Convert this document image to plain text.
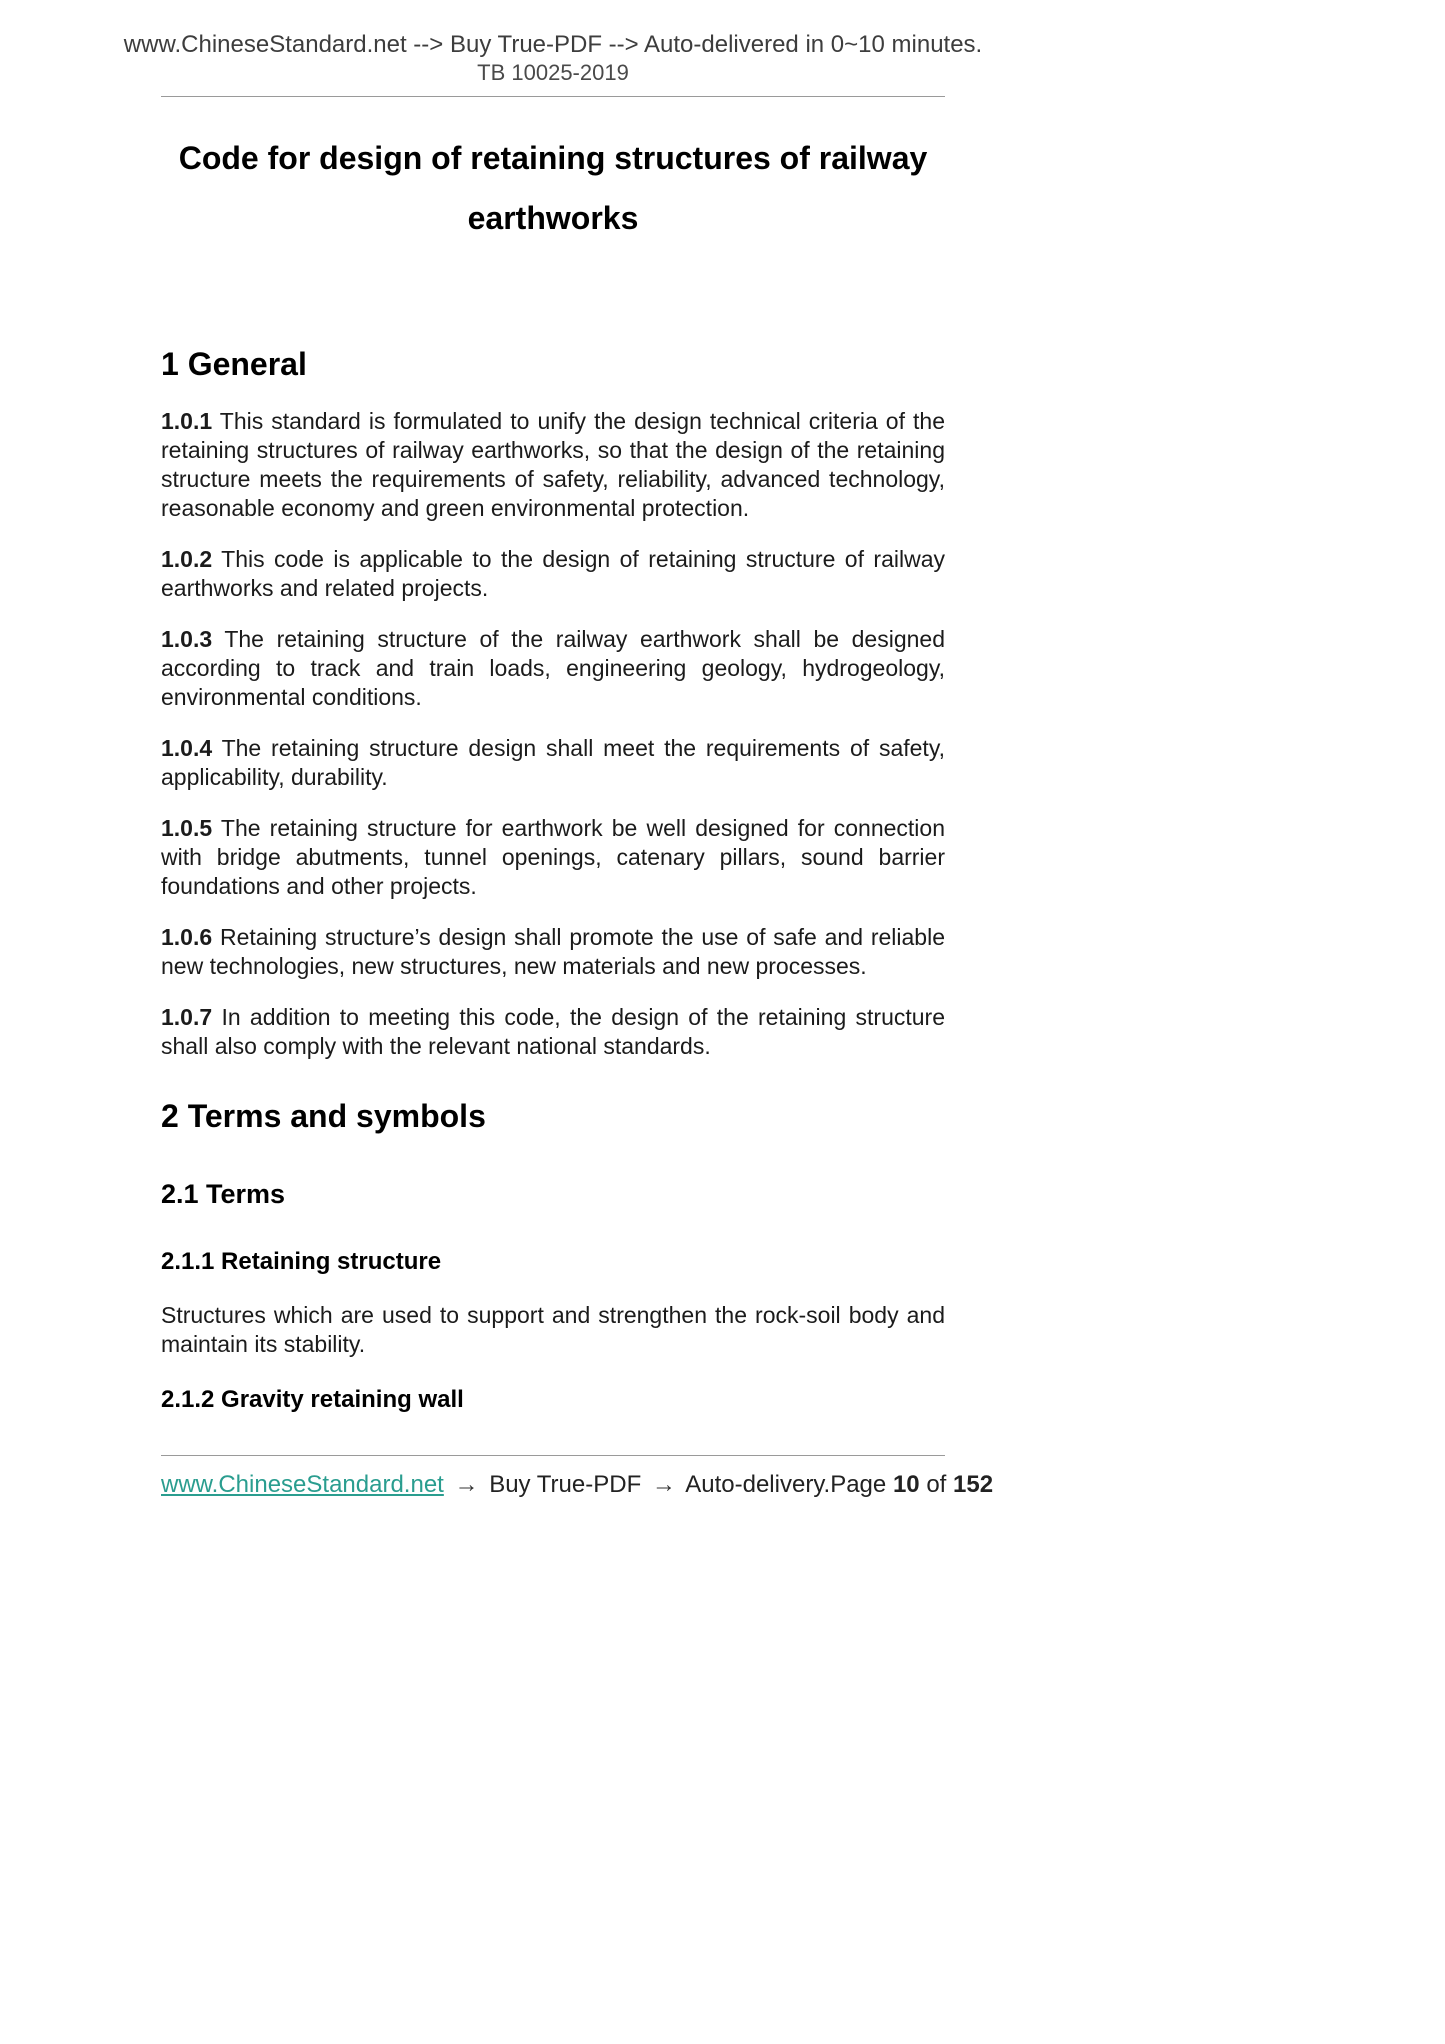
www.ChineseStandard.net --> Buy True-PDF --> Auto-delivered in 0~10 minutes.
TB 10025-2019
Code for design of retaining structures of railway
earthworks
1 General

1.0.1 This standard is formulated to unify the design technical criteria of the retaining structures of railway earthworks, so that the design of the retaining structure meets the requirements of safety, reliability, advanced technology, reasonable economy and green environmental protection.

1.0.2 This code is applicable to the design of retaining structure of railway earthworks and related projects.

1.0.3 The retaining structure of the railway earthwork shall be designed according to track and train loads, engineering geology, hydrogeology, environmental conditions.

1.0.4 The retaining structure design shall meet the requirements of safety, applicability, durability.

1.0.5 The retaining structure for earthwork be well designed for connection with bridge abutments, tunnel openings, catenary pillars, sound barrier foundations and other projects.

1.0.6 Retaining structure’s design shall promote the use of safe and reliable new technologies, new structures, new materials and new processes.

1.0.7 In addition to meeting this code, the design of the retaining structure shall also comply with the relevant national standards.

2 Terms and symbols
2.1 Terms
2.1.1 Retaining structure

Structures which are used to support and strengthen the rock-soil body and maintain its stability.

2.1.2 Gravity retaining wall
www.ChineseStandard.net → Buy True-PDF → Auto-delivery. Page 10 of 152
